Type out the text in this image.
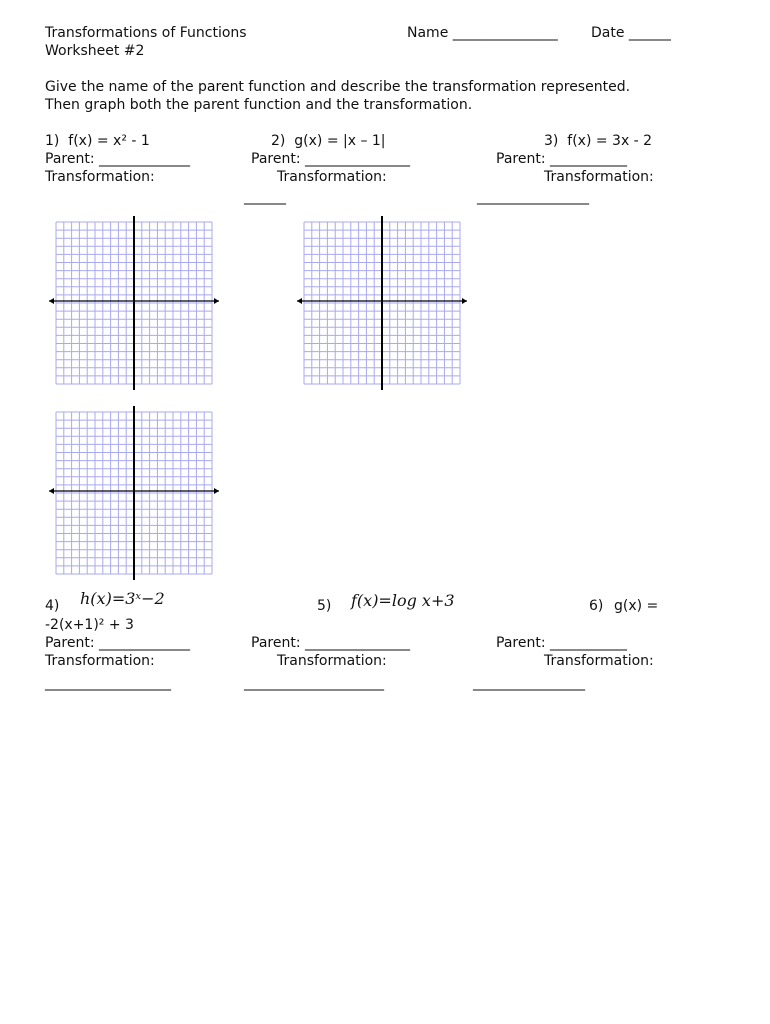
Transformations of Functions
Worksheet #2
Name _______________ Date ______
Give the name of the parent function and describe the transformation represented.
Then graph both the parent function and the transformation.
1)  f(x) = x² - 1
Parent: _____________
Transformation:
2)  g(x) = |x – 1|
Parent: _______________
Transformation:
______
3)  f(x) = 3x - 2
Parent: ___________
Transformation:
________________
4) h(x)=3ˣ−2
-2(x+1)² + 3
Parent: _____________
Transformation:
__________________
5) f(x)=log x+3
Parent: _______________
Transformation:
____________________
6) g(x) =
Parent: ___________
Transformation:
________________
